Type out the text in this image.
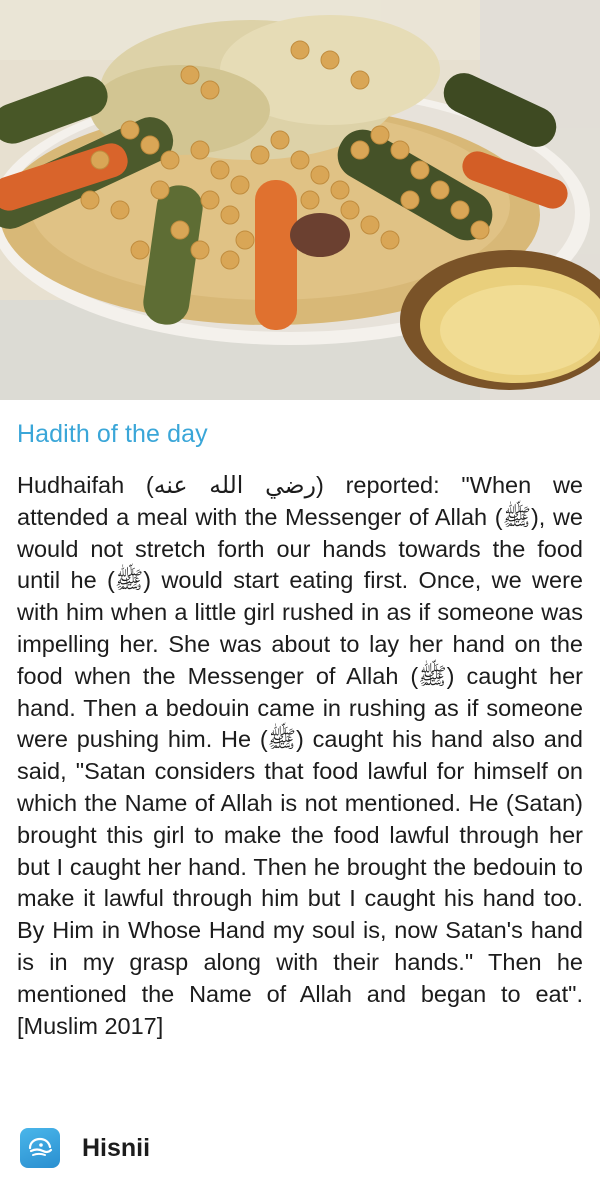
Hadith of the day

Hudhaifah (رضي الله عنه) reported: "When we attended a meal with the Messenger of Allah (ﷺ), we would not stretch forth our hands towards the food until he (ﷺ) would start eating first. Once, we were with him when a little girl rushed in as if someone was impelling her. She was about to lay her hand on the food when the Messenger of Allah (ﷺ) caught her hand. Then a bedouin came in rushing as if someone were pushing him. He (ﷺ) caught his hand also and said, "Satan considers that food lawful for himself on which the Name of Allah is not mentioned. He (Satan) brought this girl to make the food lawful through her but I caught her hand. Then he brought the bedouin to make it lawful through him but I caught his hand too. By Him in Whose Hand my soul is, now Satan's hand is in my grasp along with their hands." Then he mentioned the Name of Allah and began to eat". [Muslim 2017]

Hisnii
